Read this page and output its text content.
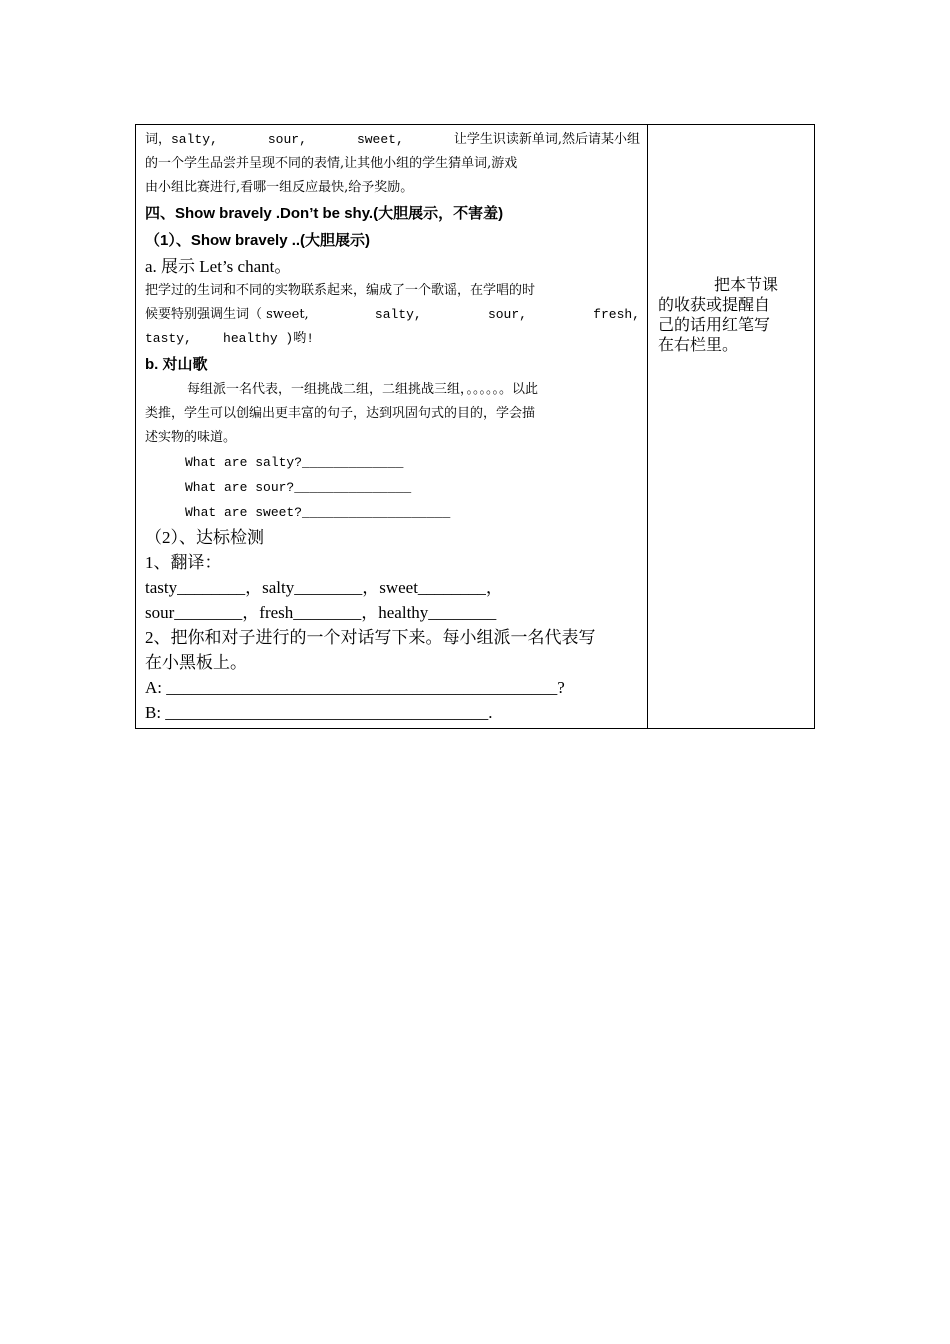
词，salty,	sour,	sweet,	让学生识读新单词,然后请某小组
的一个学生品尝并呈现不同的表情,让其他小组的学生猜单词,游戏
由小组比赛进行,看哪一组反应最快,给予奖励。
四、Show bravely .Don’t be shy.(大胆展示，不害羞)
（1）、Show bravely ..(大胆展示)
a. 展示 Let’s chant。
把学过的生词和不同的实物联系起来，编成了一个歌谣，在学唱的时
候要特别强调生词（ sweet,	salty,	sour,	fresh,
tasty,    healthy )哟!
b. 对山歌
每组派一名代表，一组挑战二组，二组挑战三组，。。。。。。以此
类推，学生可以创编出更丰富的句子，达到巩固句式的目的，学会描
述实物的味道。
What are salty?_____________
What are sour?_______________
What are sweet?___________________
（2）、达标检测
1、翻译：
tasty________，salty________，sweet________，
sour________，fresh________，healthy________
2、把你和对子进行的一个对话写下来。每小组派一名代表写
在小黑板上。
A: ______________________________________________?
B: ______________________________________.
把本节课
的收获或提醒自
己的话用红笔写
在右栏里。
